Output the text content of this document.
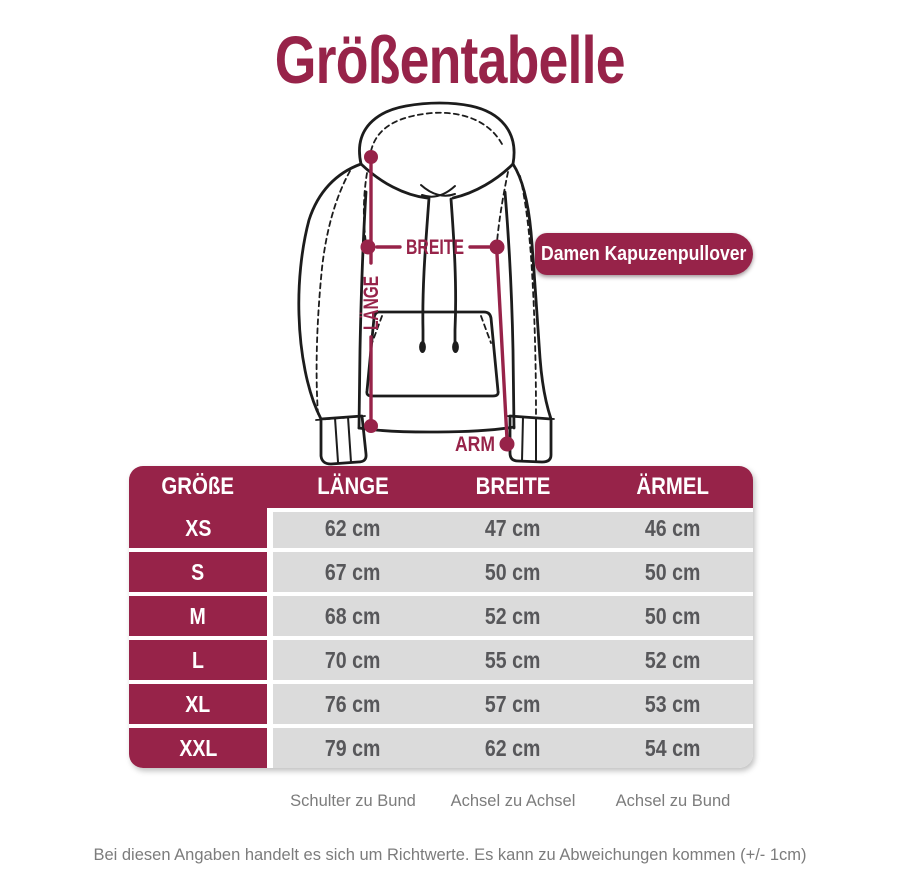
Größentabelle
BREITE
LÄNGE
ARM
Damen Kapuzenpullover
GRÖßE	LÄNGE	BREITE	ÄRMEL
XS	62 cm	47 cm	46 cm
S	67 cm	50 cm	50 cm
M	68 cm	52 cm	50 cm
L	70 cm	55 cm	52 cm
XL	76 cm	57 cm	53 cm
XXL	79 cm	62 cm	54 cm
Schulter zu Bund	Achsel zu Achsel	Achsel zu Bund

Bei diesen Angaben handelt es sich um Richtwerte. Es kann zu Abweichungen kommen (+/- 1cm)
